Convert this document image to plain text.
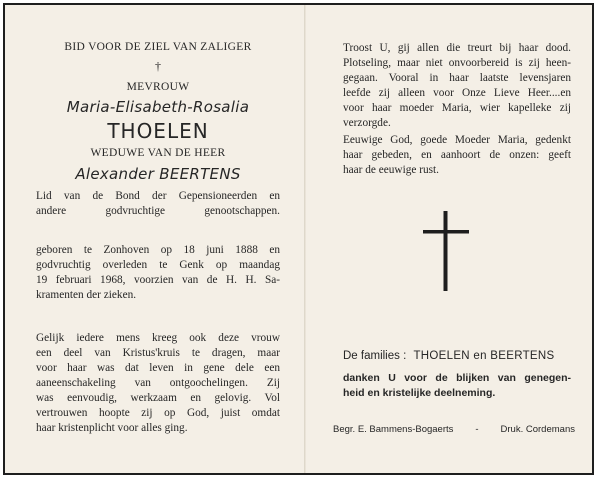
BID VOOR DE ZIEL VAN ZALIGER
†
MEVROUW
Maria-Elisabeth-Rosalia
THOELEN
WEDUWE VAN DE HEER
Alexander BEERTENS
Lid van de Bond der Gepensioneerden en
andere godvruchtige genootschappen.
geboren te Zonhoven op 18 juni 1888 en
godvruchtig overleden te Genk op maandag
19 februari 1968, voorzien van de H. H. Sa-
kramenten der zieken.
Gelijk iedere mens kreeg ook deze vrouw
een deel van Kristus'kruis te dragen, maar
voor haar was dat leven in gene dele een
aaneenschakeling van ontgoochelingen. Zij
was eenvoudig, werkzaam en gelovig. Vol
vertrouwen hoopte zij op God, juist omdat
haar kristenplicht voor alles ging.
Troost U, gij allen die treurt bij haar dood.
Plotseling, maar niet onvoorbereid is zij heen-
gegaan. Vooral in haar laatste levensjaren
leefde zij alleen voor Onze Lieve Heer....en
voor haar moeder Maria, wier kapelleke zij
verzorgde.
Eeuwige God, goede Moeder Maria, gedenkt
haar gebeden, en aanhoort de onzen: geeft
haar de eeuwige rust.
De families : THOELEN en BEERTENS
danken U voor de blijken van genegen-
heid en kristelijke deelneming.
Begr. E. Bammens-Bogaerts - Druk. Cordemans
